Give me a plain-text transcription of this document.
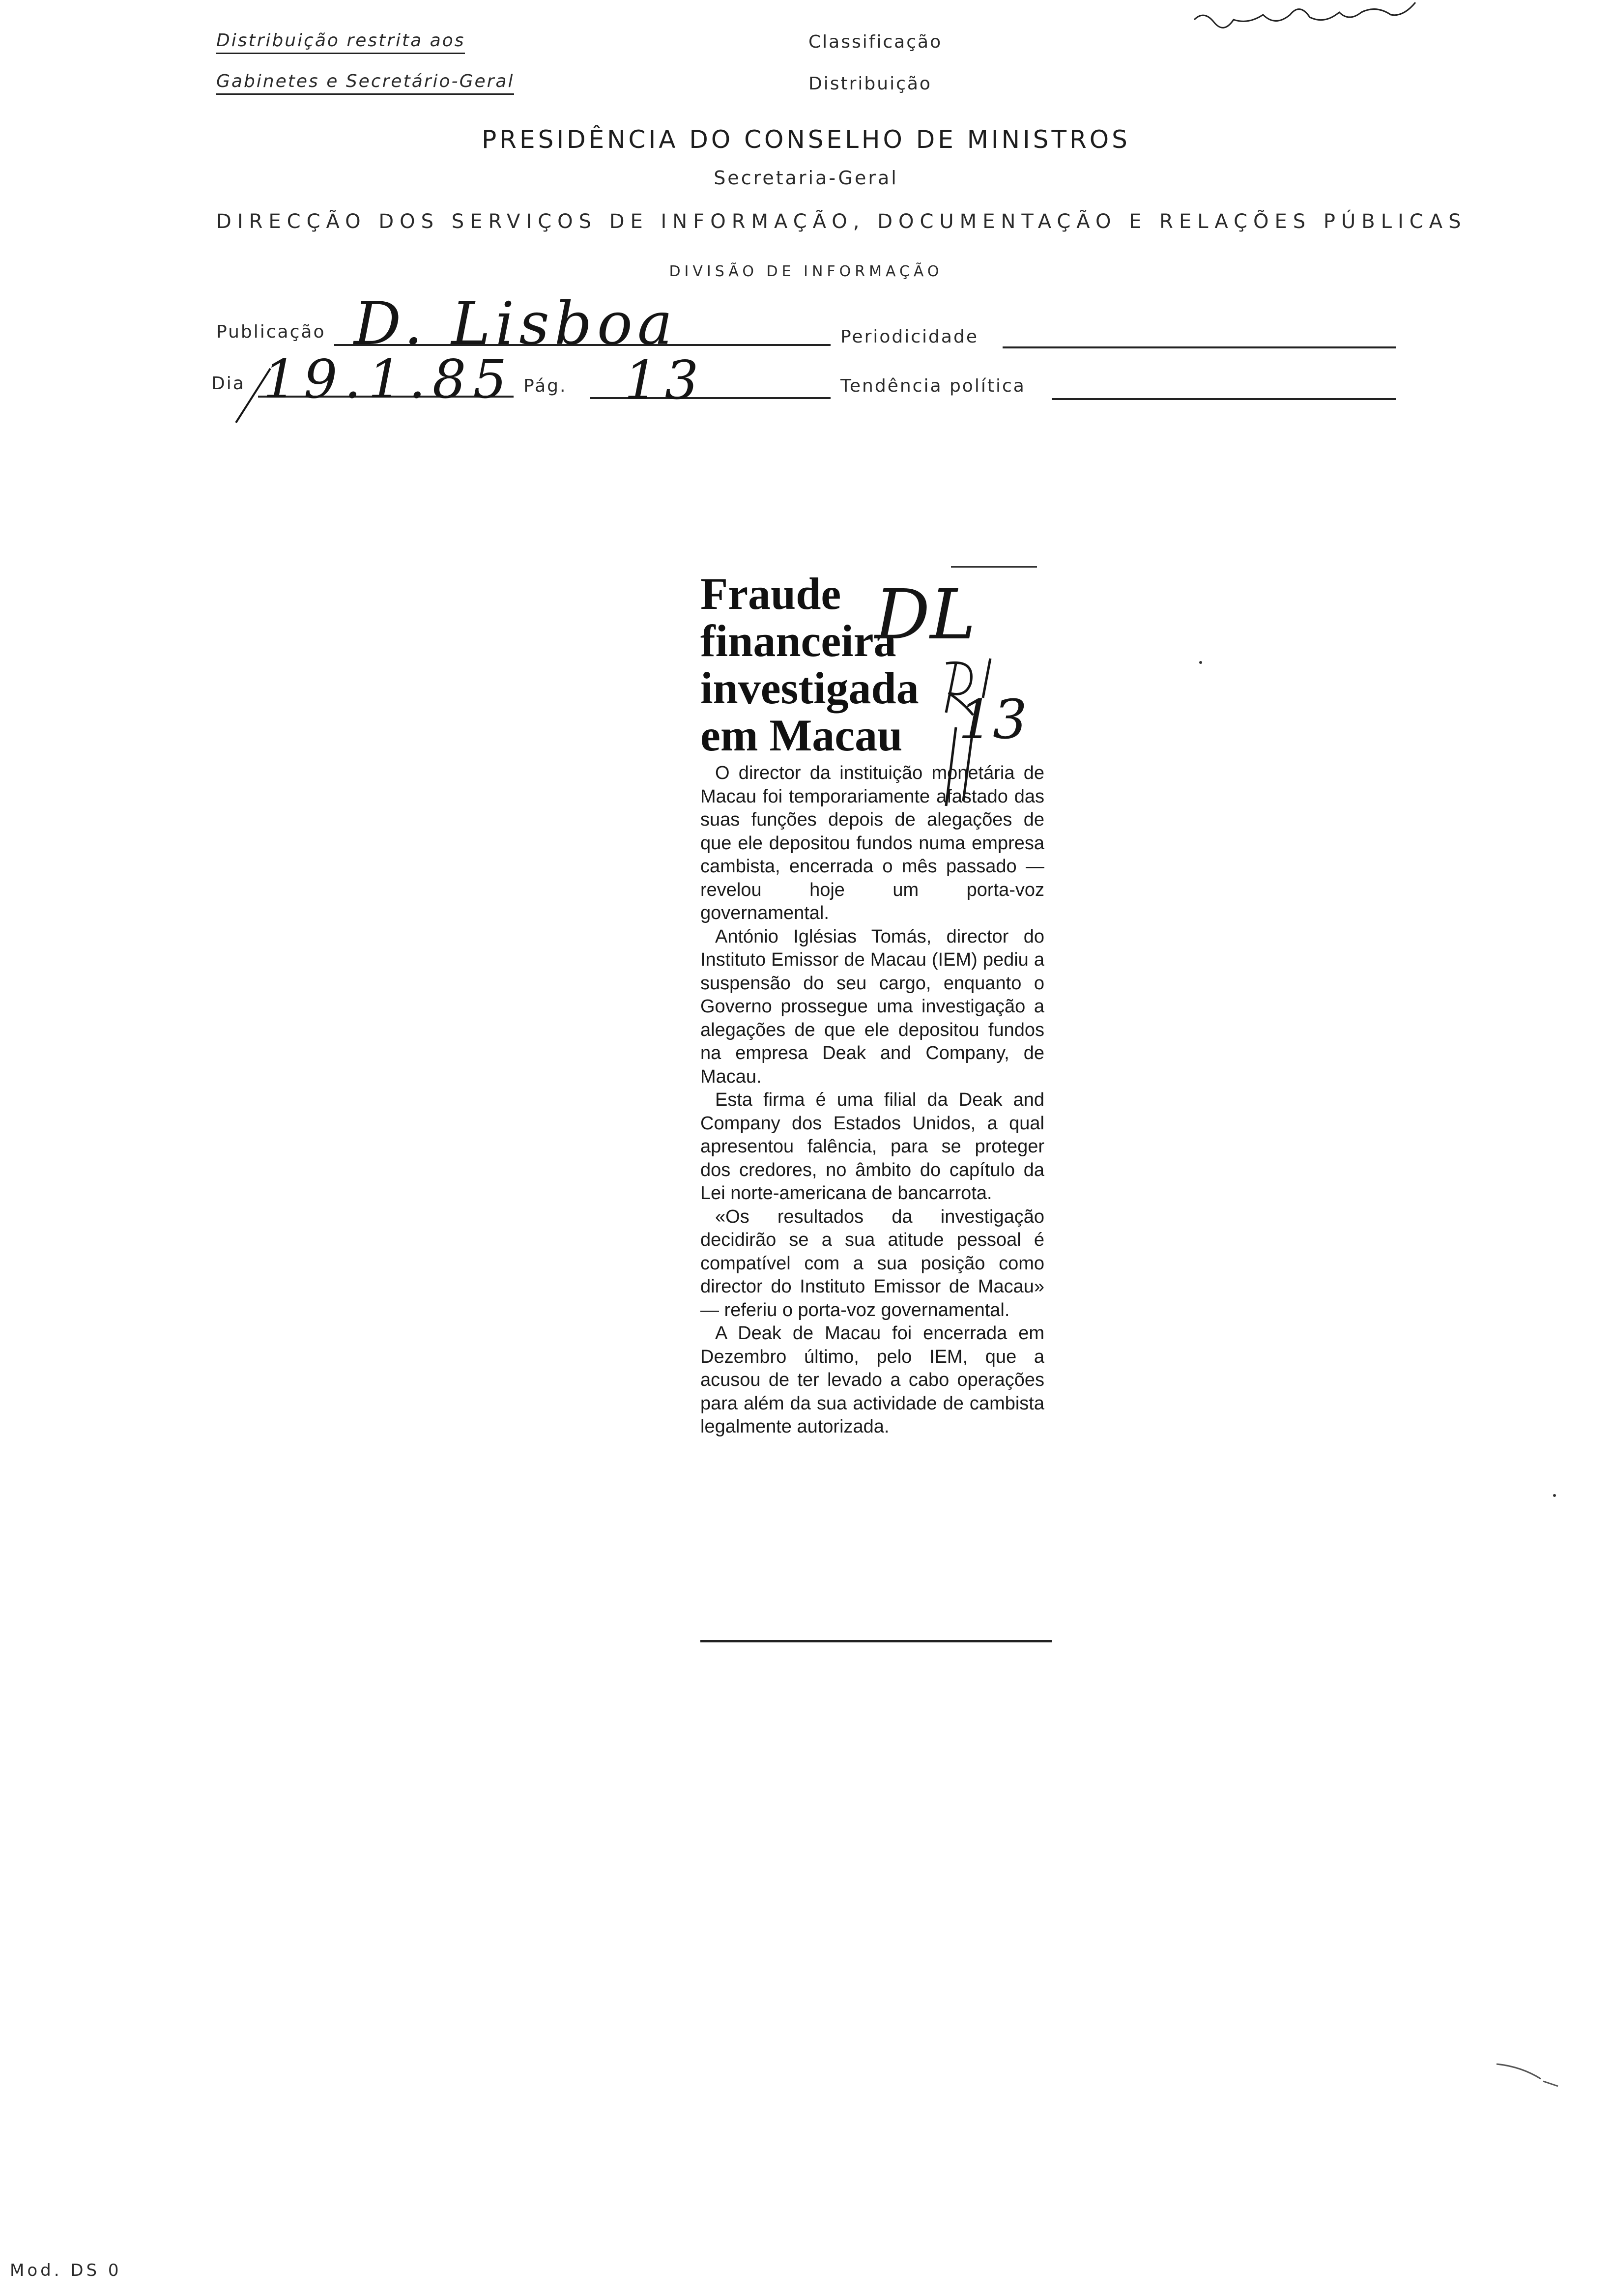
Distribuição restrita aos
Gabinetes e Secretário-Geral
Classificação
Distribuição
PRESIDÊNCIA DO CONSELHO DE MINISTROS
Secretaria-Geral
DIRECÇÃO DOS SERVIÇOS DE INFORMAÇÃO, DOCUMENTAÇÃO E RELAÇÕES PÚBLICAS
DIVISÃO DE INFORMAÇÃO
Publicação D. Lisboa	Periodicidade
Dia 19.1.85 Pág. 13	Tendência política
Fraude financeira investigada em Macau

O director da instituição monetária de Macau foi temporariamente afastado das suas funções depois de alegações de que ele depositou fundos numa empresa cambista, encerrada o mês passado — revelou hoje um porta-voz governamental.

António Iglésias Tomás, director do Instituto Emissor de Macau (IEM) pediu a suspensão do seu cargo, enquanto o Governo prossegue uma investigação a alegações de que ele depositou fundos na empresa Deak and Company, de Macau.

Esta firma é uma filial da Deak and Company dos Estados Unidos, a qual apresentou falência, para se proteger dos credores, no âmbito do capítulo da Lei norte-americana de bancarrota.

«Os resultados da investigação decidirão se a sua atitude pessoal é compatível com a sua posição como director do Instituto Emissor de Macau» — referiu o porta-voz governamental.

A Deak de Macau foi encerrada em Dezembro último, pelo IEM, que a acusou de ter levado a cabo operações para além da sua actividade de cambista legalmente autorizada.

DL
13
Mod. DS 0
